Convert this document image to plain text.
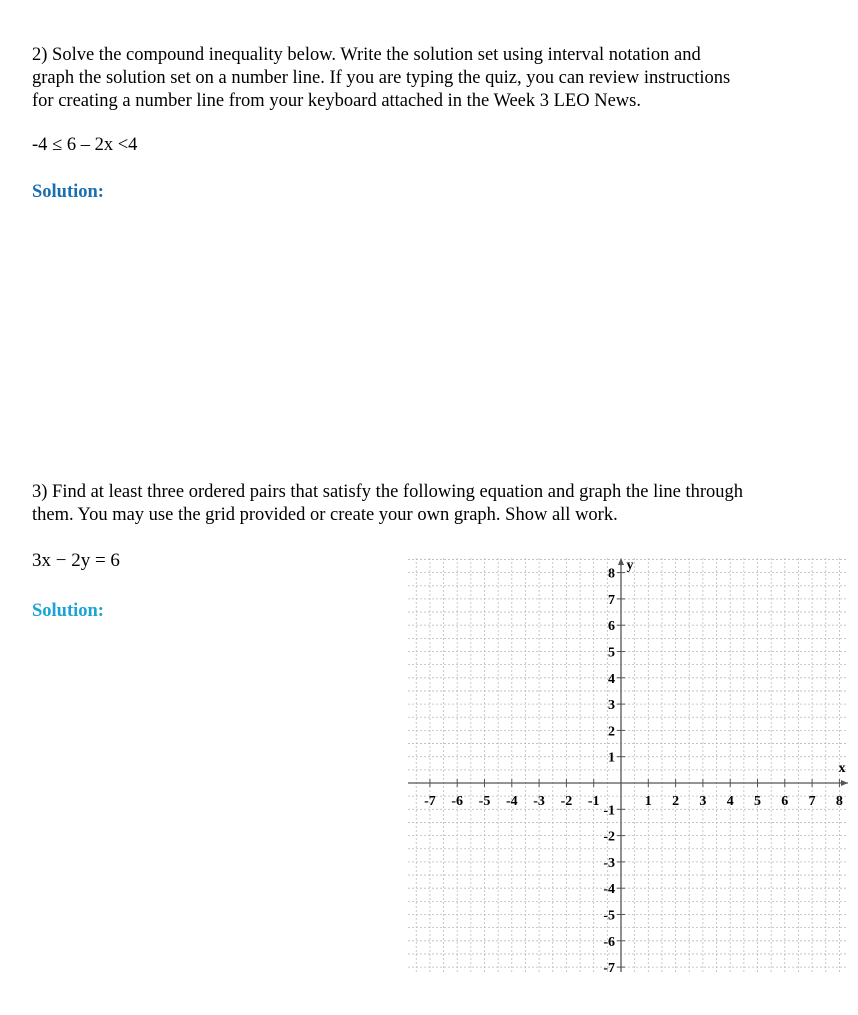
2) Solve the compound inequality below. Write the solution set using interval notation and
graph the solution set on a number line. If you are typing the quiz, you can review instructions
for creating a number line from your keyboard attached in the Week 3 LEO News.
-4 ≤ 6 – 2x <4
Solution:
3) Find at least three ordered pairs that satisfy the following equation and graph the line through
them. You may use the grid provided or create your own graph. Show all work.
3x − 2y = 6
Solution:
x
y
-7 -6 -5 -4 -3 -2 -1	1 2 3 4 5 6 7 8
8
7
6
5
4
3
2
1
-1
-2
-3
-4
-5
-6
-7
